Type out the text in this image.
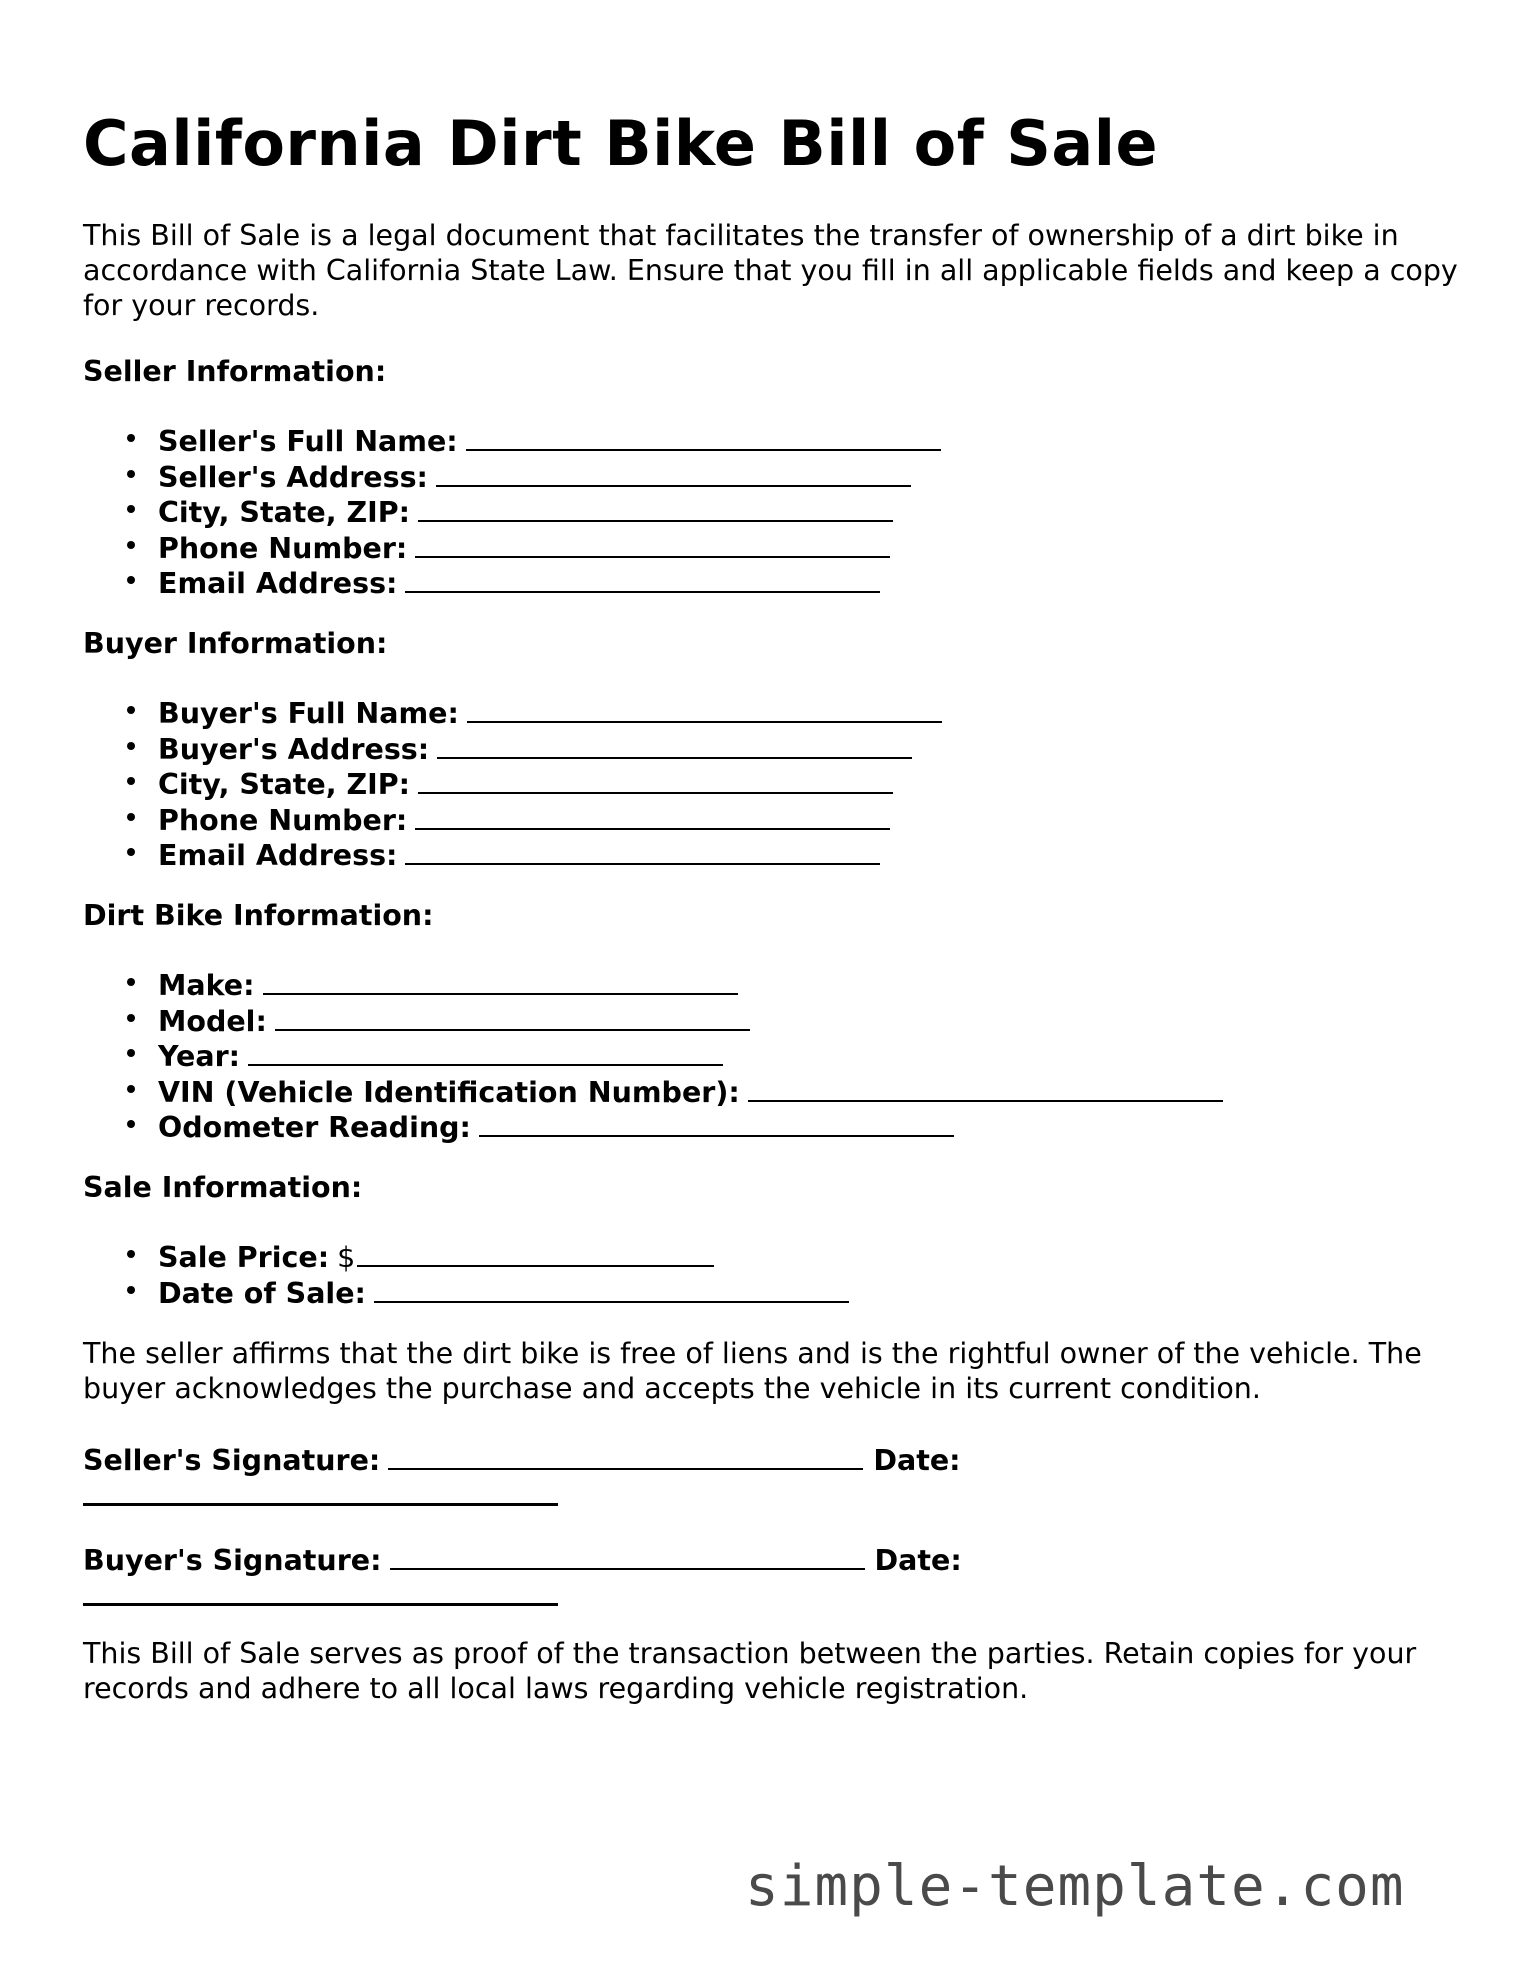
California Dirt Bike Bill of Sale

This Bill of Sale is a legal document that facilitates the transfer of ownership of a dirt bike in accordance with California State Law. Ensure that you fill in all applicable fields and keep a copy for your records.

Seller Information:

Seller's Full Name:
Seller's Address:
City, State, ZIP:
Phone Number:
Email Address:

Buyer Information:

Buyer's Full Name:
Buyer's Address:
City, State, ZIP:
Phone Number:
Email Address:

Dirt Bike Information:

Make:
Model:
Year:
VIN (Vehicle Identification Number):
Odometer Reading:

Sale Information:

Sale Price: $
Date of Sale:

The seller affirms that the dirt bike is free of liens and is the rightful owner of the vehicle. The buyer acknowledges the purchase and accepts the vehicle in its current condition.

Seller's Signature:	Date:
Buyer's Signature:	Date:

This Bill of Sale serves as proof of the transaction between the parties. Retain copies for your records and adhere to all local laws regarding vehicle registration.

simple-template.com
